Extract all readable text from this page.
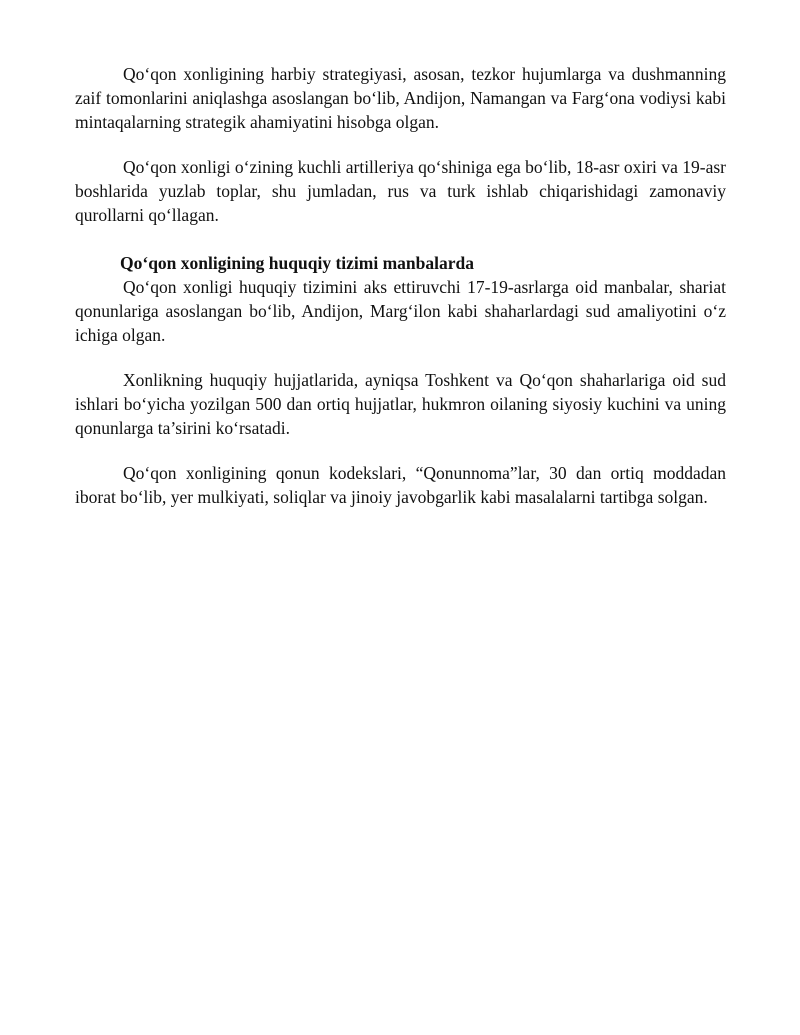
Qo‘qon xonligining harbiy strategiyasi, asosan, tezkor hujumlarga va dushmanning zaif tomonlarini aniqlashga asoslangan bo‘lib, Andijon, Namangan va Farg‘ona vodiysi kabi mintaqalarning strategik ahamiyatini hisobga olgan.

Qo‘qon xonligi o‘zining kuchli artilleriya qo‘shiniga ega bo‘lib, 18-asr oxiri va 19-asr boshlarida yuzlab toplar, shu jumladan, rus va turk ishlab chiqarishidagi zamonaviy qurollarni qo‘llagan.

Qo‘qon xonligining huquqiy tizimi manbalarda

Qo‘qon xonligi huquqiy tizimini aks ettiruvchi 17-19-asrlarga oid manbalar, shariat qonunlariga asoslangan bo‘lib, Andijon, Marg‘ilon kabi shaharlardagi sud amaliyotini o‘z ichiga olgan.

Xonlikning huquqiy hujjatlarida, ayniqsa Toshkent va Qo‘qon shaharlariga oid sud ishlari bo‘yicha yozilgan 500 dan ortiq hujjatlar, hukmron oilaning siyosiy kuchini va uning qonunlarga ta’sirini ko‘rsatadi.

Qo‘qon xonligining qonun kodekslari, “Qonunnoma”lar, 30 dan ortiq moddadan iborat bo‘lib, yer mulkiyati, soliqlar va jinoiy javobgarlik kabi masalalarni tartibga solgan.
